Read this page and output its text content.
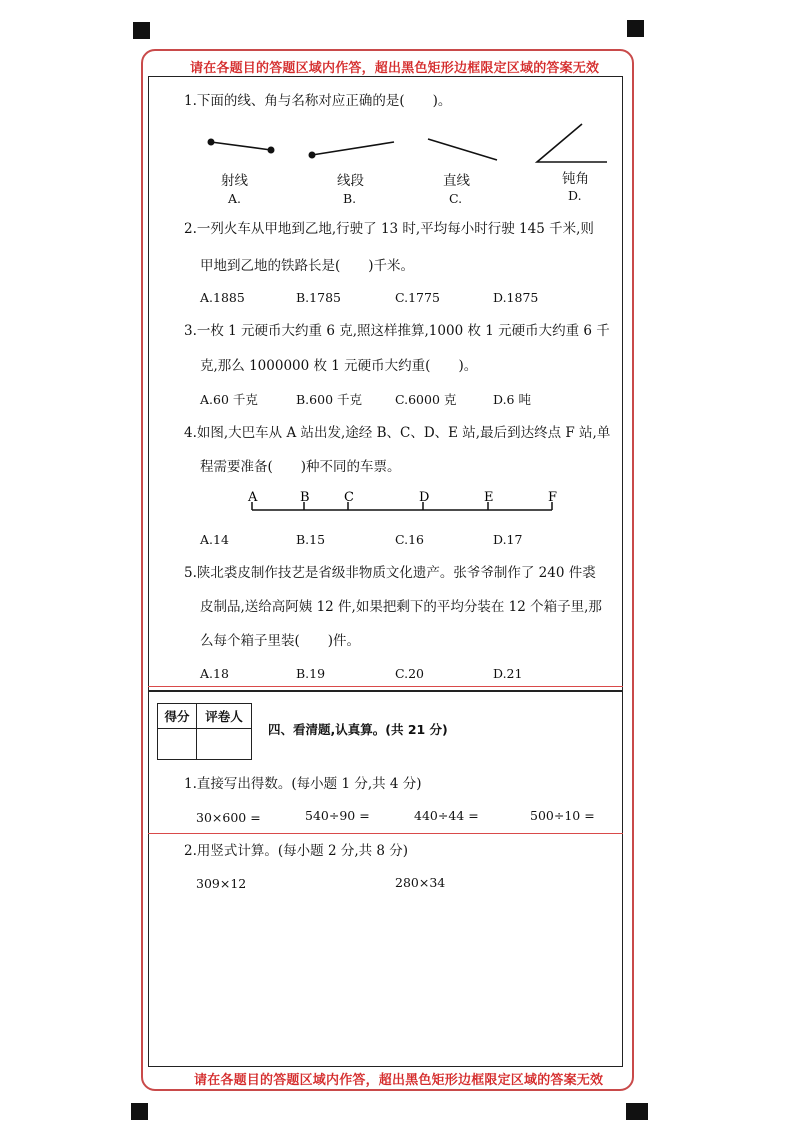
请在各题目的答题区域内作答，超出黑色矩形边框限定区域的答案无效
请在各题目的答题区域内作答，超出黑色矩形边框限定区域的答案无效
1.下面的线、角与名称对应正确的是( )。
射线	线段	直线	钝角
A.	B.	C.	D.
2.一列火车从甲地到乙地,行驶了 13 时,平均每小时行驶 145 千米,则
甲地到乙地的铁路长是( )千米。
A.1885	B.1785	C.1775	D.1875
3.一枚 1 元硬币大约重 6 克,照这样推算,1000 枚 1 元硬币大约重 6 千
克,那么 1000000 枚 1 元硬币大约重( )。
A.60 千克	B.600 千克	C.6000 克	D.6 吨
4.如图,大巴车从 A 站出发,途经 B、C、D、E 站,最后到达终点 F 站,单
程需要准备( )种不同的车票。
A	B	C	D	E	F
A.14	B.15	C.16	D.17
5.陕北裘皮制作技艺是省级非物质文化遗产。张爷爷制作了 240 件裘
皮制品,送给高阿姨 12 件,如果把剩下的平均分装在 12 个箱子里,那
么每个箱子里装( )件。
A.18	B.19	C.20	D.21
得分	评卷人

四、看清题,认真算。(共 21 分)
1.直接写出得数。(每小题 1 分,共 4 分)
30×600 =	540÷90 =	440÷44 =	500÷10 =
2.用竖式计算。(每小题 2 分,共 8 分)
309×12	280×34
